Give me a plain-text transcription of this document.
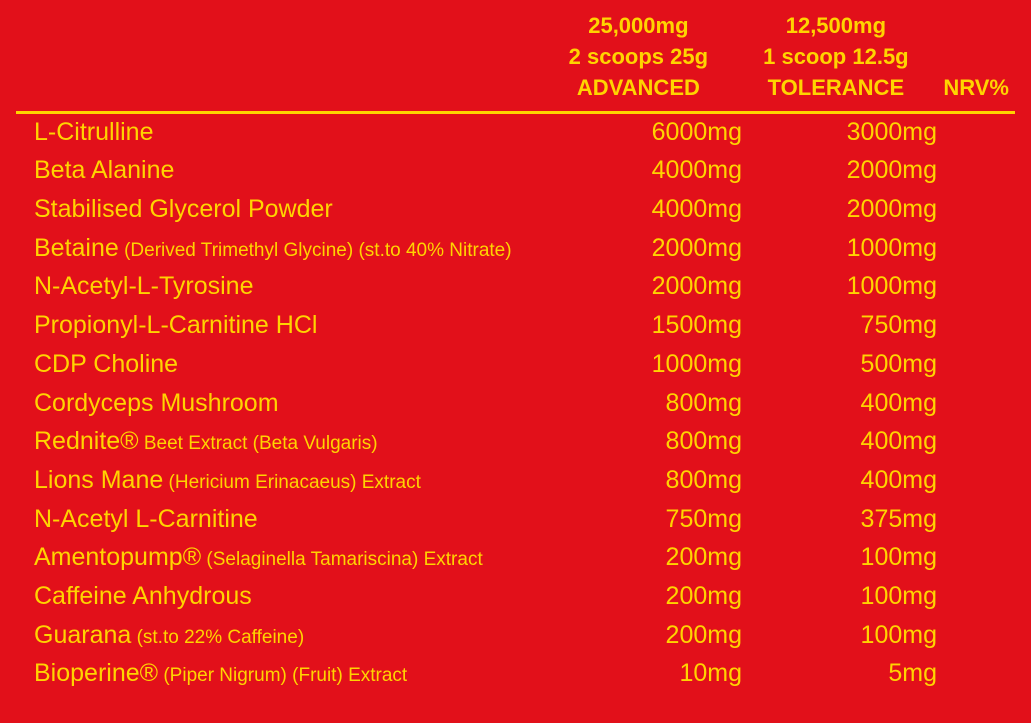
25,000mg
2 scoops 25g
ADVANCED
12,500mg
1 scoop 12.5g
TOLERANCE	NRV%
L-Citrulline	6000mg	3000mg
Beta Alanine	4000mg	2000mg
Stabilised Glycerol Powder	4000mg	2000mg
Betaine (Derived Trimethyl Glycine) (st.to 40% Nitrate)	2000mg	1000mg
N-Acetyl-L-Tyrosine	2000mg	1000mg
Propionyl-L-Carnitine HCl	1500mg	750mg
CDP Choline	1000mg	500mg
Cordyceps Mushroom	800mg	400mg
Rednite® Beet Extract (Beta Vulgaris)	800mg	400mg
Lions Mane (Hericium Erinacaeus) Extract	800mg	400mg
N-Acetyl L-Carnitine	750mg	375mg
Amentopump® (Selaginella Tamariscina) Extract	200mg	100mg
Caffeine Anhydrous	200mg	100mg
Guarana (st.to 22% Caffeine)	200mg	100mg
Bioperine® (Piper Nigrum) (Fruit) Extract	10mg	5mg
